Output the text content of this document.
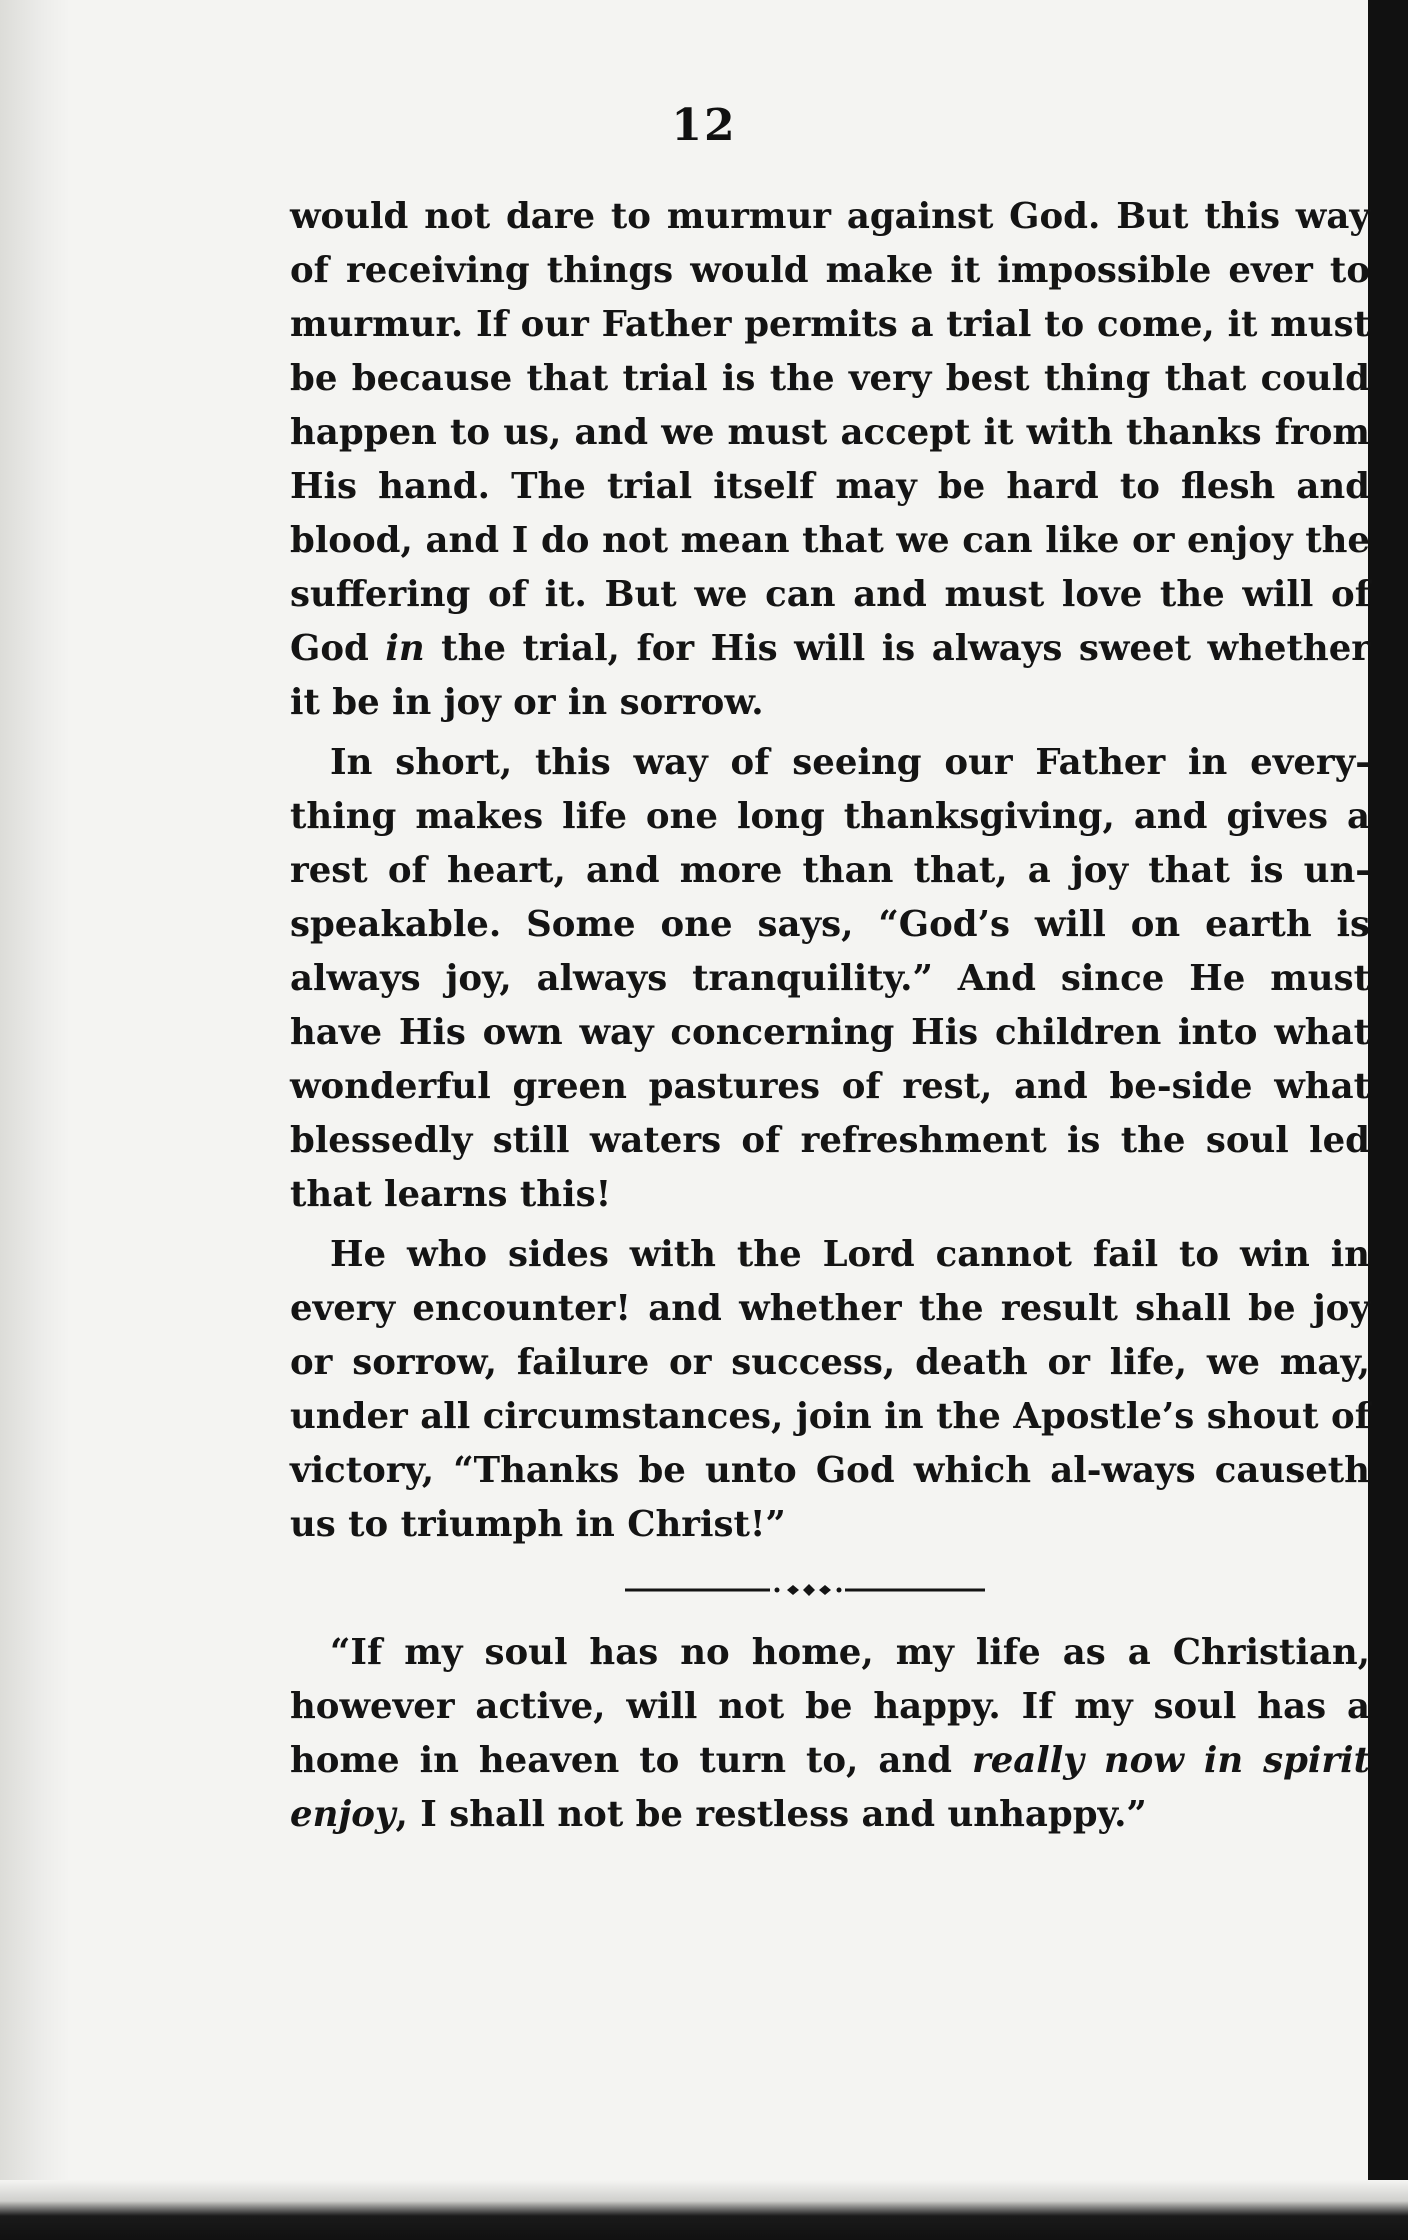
12

would not dare to murmur against God. But this way of receiving things would make it impossible ever to murmur. If our Father permits a trial to come, it must be because that trial is the very best thing that could happen to us, and we must accept it with thanks from His hand. The trial itself may be hard to flesh and blood, and I do not mean that we can like or enjoy the suffering of it. But we can and must love the will of God in the trial, for His will is always sweet whether it be in joy or in sorrow.

In short, this way of seeing our Father in every-thing makes life one long thanksgiving, and gives a rest of heart, and more than that, a joy that is un-speakable. Some one says, “God’s will on earth is always joy, always tranquility.” And since He must have His own way concerning His children into what wonderful green pastures of rest, and be-side what blessedly still waters of refreshment is the soul led that learns this!

He who sides with the Lord cannot fail to win in every encounter! and whether the result shall be joy or sorrow, failure or success, death or life, we may, under all circumstances, join in the Apostle’s shout of victory, “Thanks be unto God which al-ways causeth us to triumph in Christ!”

“If my soul has no home, my life as a Christian, however active, will not be happy. If my soul has a home in heaven to turn to, and really now in spirit enjoy, I shall not be restless and unhappy.”
